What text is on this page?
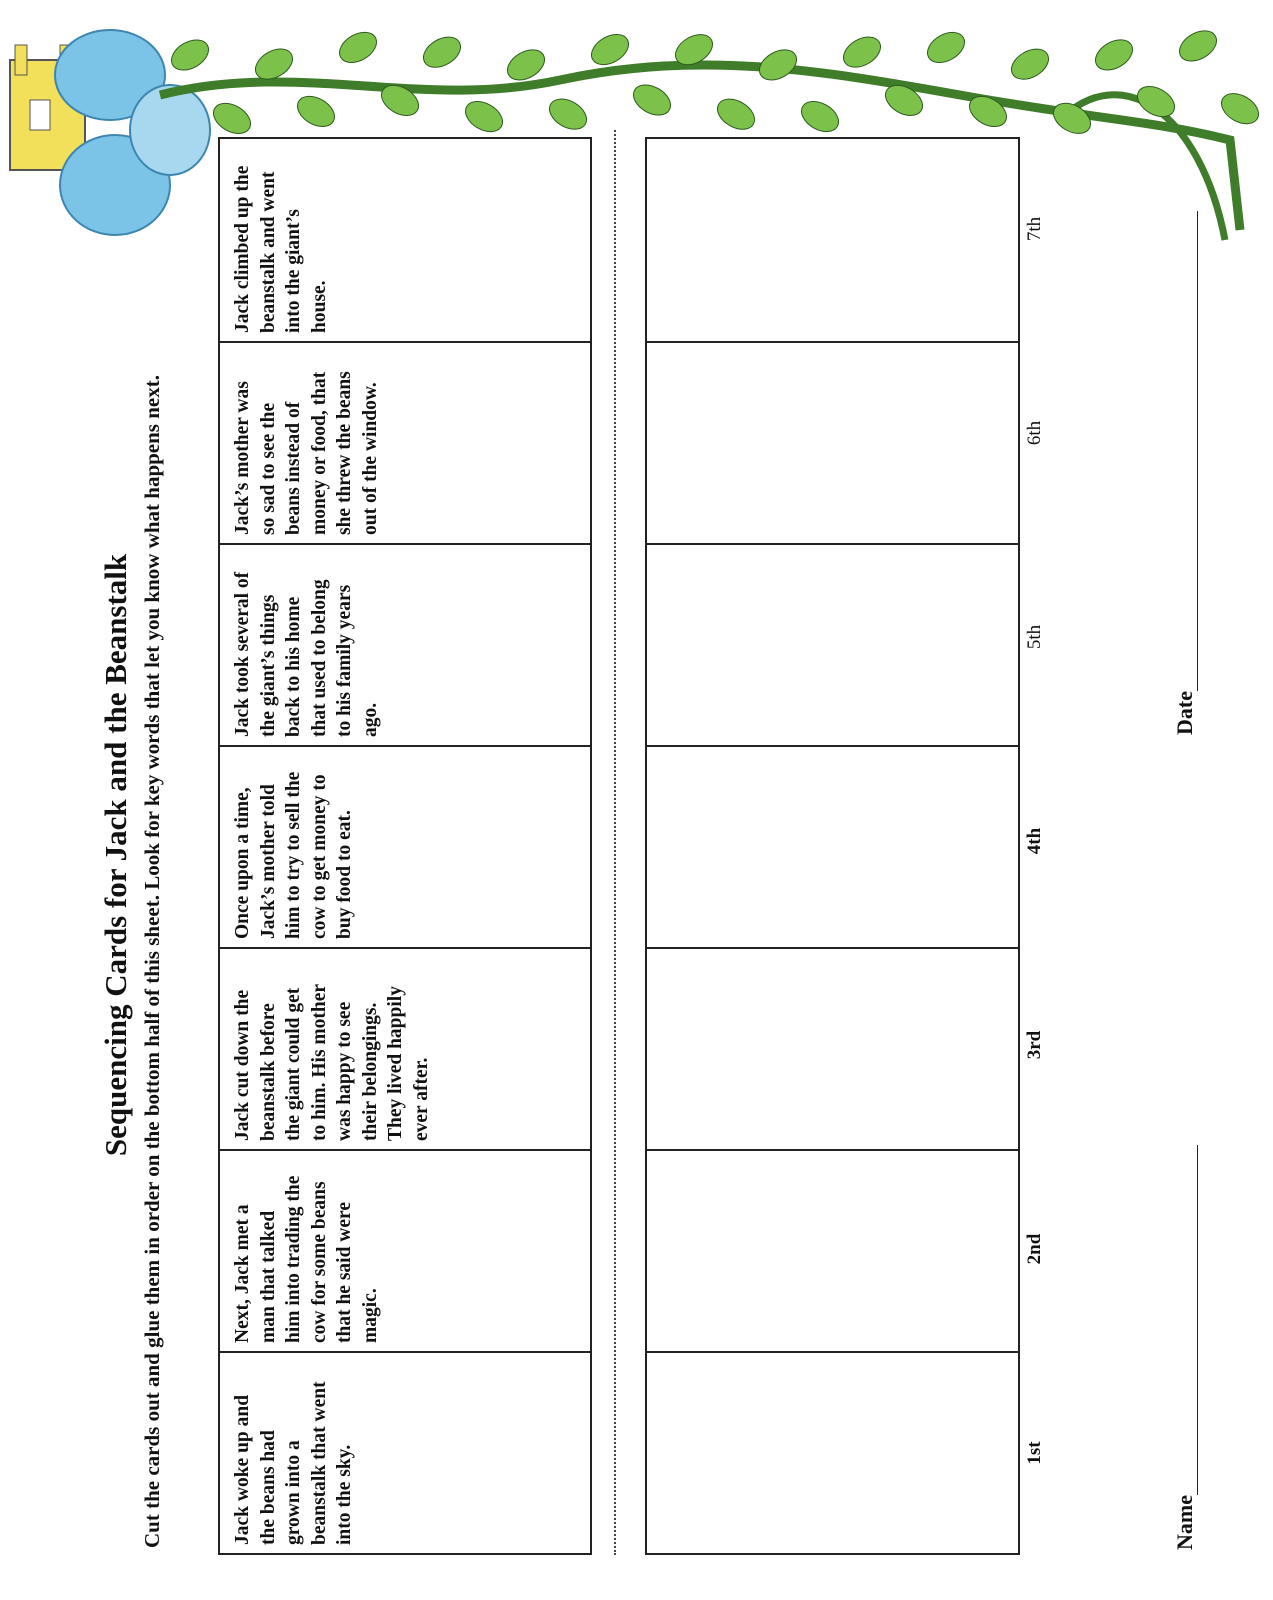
Sequencing Cards for Jack and the Beanstalk Cut the cards out and glue them in order on the bottom half of this sheet. Look for key words that let you know what happens next.	Jack woke up and
the beans had
grown into a
beanstalk that went
into the sky.
Next, Jack met a
man that talked
him into trading the
cow for some beans
that he said were
magic.
Jack cut down the
beanstalk before
the giant could get
to him. His mother
was happy to see
their belongings.
They lived happily
ever after.
Once upon a time,
Jack’s mother told
him to try to sell the
cow to get money to
buy food to eat.
Jack took several of
the giant’s things
back to his home
that used to belong
to his family years
ago.
Jack’s mother was
so sad to see the
beans instead of
money or food, that
she threw the beans
out of the window.
Jack climbed up the
beanstalk and went
into the giant’s
house.
1st
2nd
3rd
4th
5th
6th
7th
Name
Date
